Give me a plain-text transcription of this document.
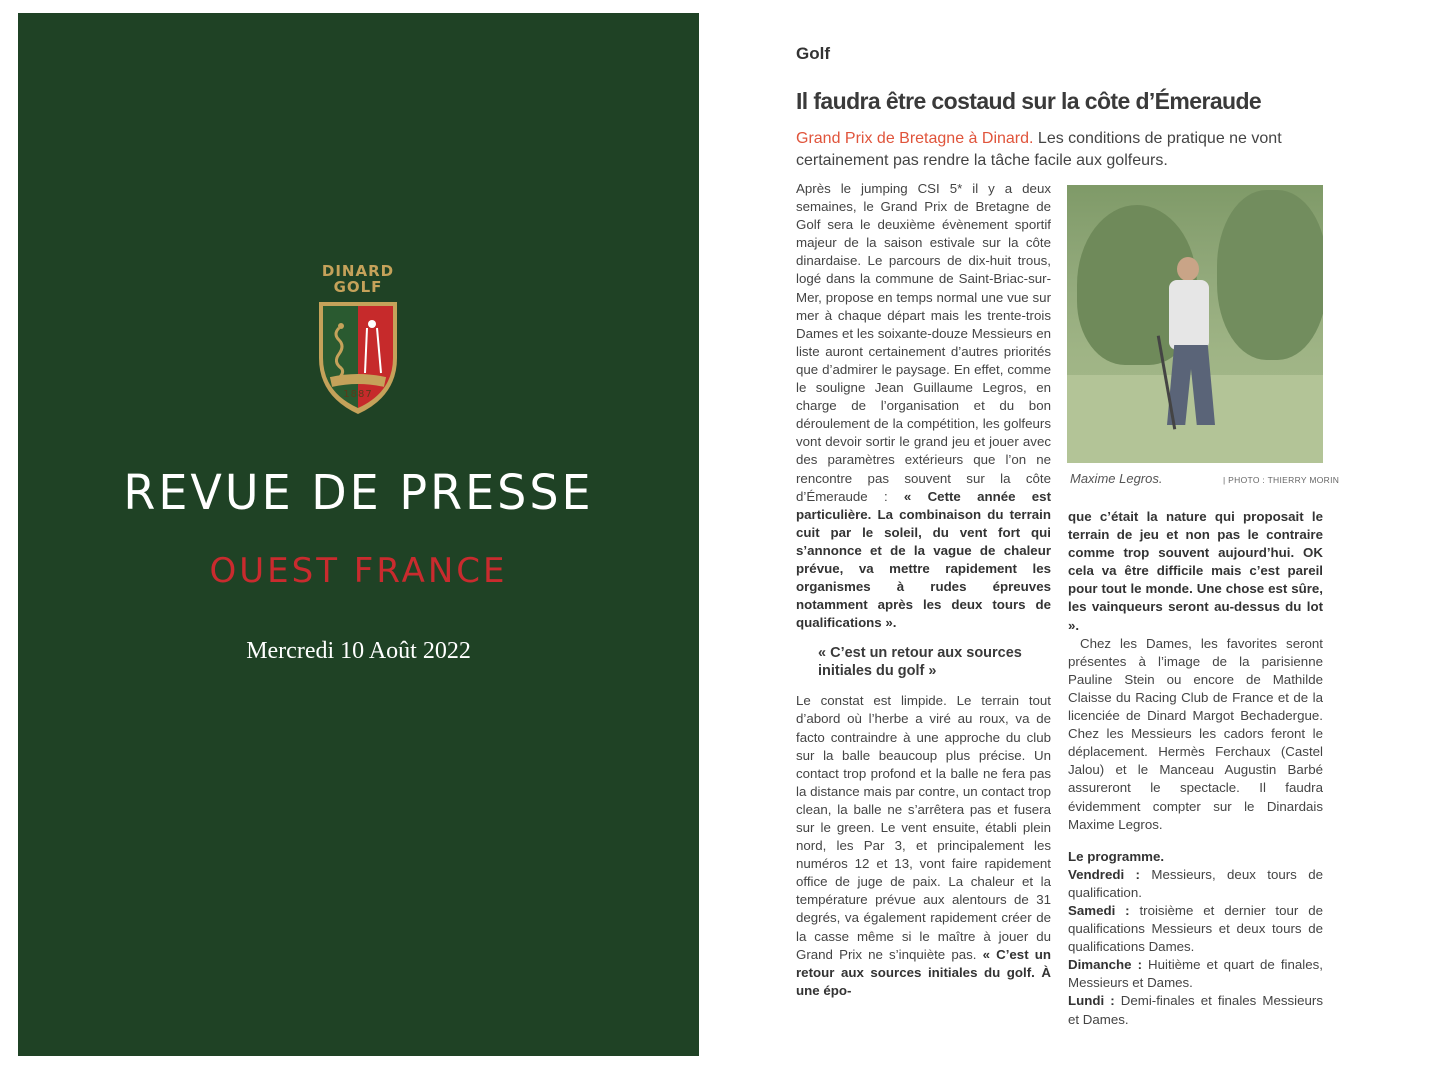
DINARD
GOLF
1887
REVUE DE PRESSE
OUEST FRANCE
Mercredi 10 Août 2022
Golf
Il faudra être costaud sur la côte d’Émeraude
Grand Prix de Bretagne à Dinard. Les conditions de pratique ne vont certainement pas rendre la tâche facile aux golfeurs.

Après le jumping CSI 5* il y a deux semaines, le Grand Prix de Bretagne de Golf sera le deuxième évènement sportif majeur de la saison estivale sur la côte dinardaise. Le parcours de dix-huit trous, logé dans la commune de Saint-Briac-sur-Mer, propose en temps normal une vue sur mer à chaque départ mais les trente-trois Dames et les soixante-douze Messieurs en liste auront certainement d’autres priorités que d’admirer le paysage. En effet, comme le souligne Jean Guillaume Legros, en charge de l’organisation et du bon déroulement de la compétition, les golfeurs vont devoir sortir le grand jeu et jouer avec des paramètres extérieurs que l’on ne rencontre pas souvent sur la côte d’Émeraude : « Cette année est particulière. La combinaison du terrain cuit par le soleil, du vent fort qui s’annonce et de la vague de chaleur prévue, va mettre rapidement les organismes à rudes épreuves notamment après les deux tours de qualifications ».

« C’est un retour aux sources initiales du golf »

Le constat est limpide. Le terrain tout d’abord où l’herbe a viré au roux, va de facto contraindre à une approche du club sur la balle beaucoup plus précise. Un contact trop profond et la balle ne fera pas la distance mais par contre, un contact trop clean, la balle ne s’arrêtera pas et fusera sur le green. Le vent ensuite, établi plein nord, les Par 3, et principalement les numéros 12 et 13, vont faire rapidement office de juge de paix. La chaleur et la température prévue aux alentours de 31 degrés, va également rapidement créer de la casse même si le maître à jouer du Grand Prix ne s’inquiète pas. « C’est un retour aux sources initiales du golf. À une épo-

Maxime Legros.	| PHOTO : THIERRY MORIN

que c’était la nature qui proposait le terrain de jeu et non pas le contraire comme trop souvent aujourd’hui. OK cela va être difficile mais c’est pareil pour tout le monde. Une chose est sûre, les vainqueurs seront au-dessus du lot ».

Chez les Dames, les favorites seront présentes à l’image de la parisienne Pauline Stein ou encore de Mathilde Claisse du Racing Club de France et de la licenciée de Dinard Margot Bechadergue. Chez les Messieurs les cadors feront le déplacement. Hermès Ferchaux (Castel Jalou) et le Manceau Augustin Barbé assureront le spectacle. Il faudra évidemment compter sur le Dinardais Maxime Legros.

Le programme.

Vendredi : Messieurs, deux tours de qualification.

Samedi : troisième et dernier tour de qualifications Messieurs et deux tours de qualifications Dames.

Dimanche : Huitième et quart de finales, Messieurs et Dames.

Lundi : Demi-finales et finales Messieurs et Dames.
